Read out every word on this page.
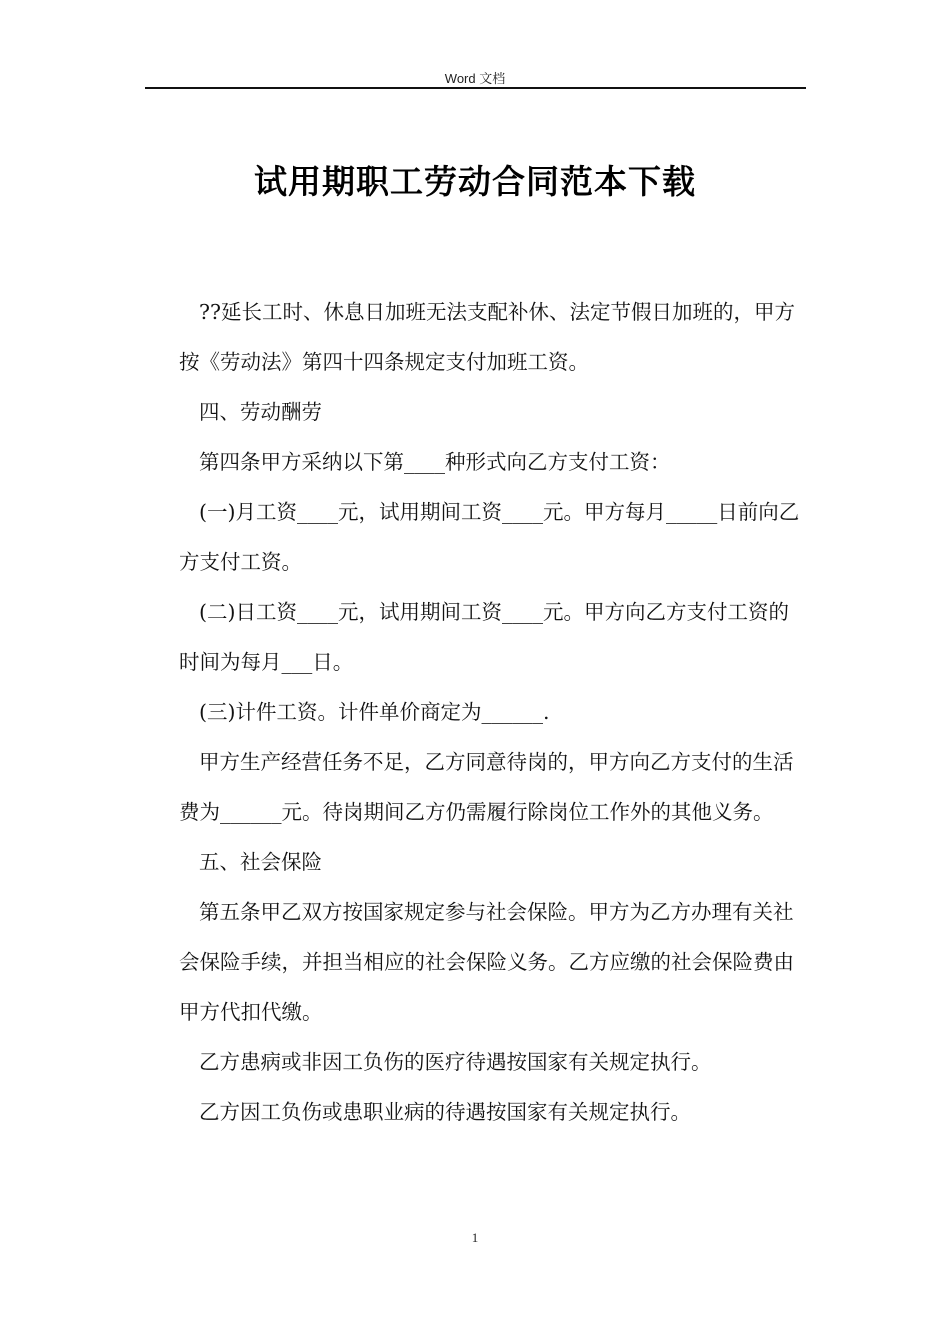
Word 文档
试用期职工劳动合同范本下载

??延长工时、休息日加班无法支配补休、法定节假日加班的，甲方按《劳动法》第四十四条规定支付加班工资。

四、劳动酬劳

第四条甲方采纳以下第____种形式向乙方支付工资：

(一)月工资____元，试用期间工资____元。甲方每月_____日前向乙方支付工资。

(二)日工资____元，试用期间工资____元。甲方向乙方支付工资的时间为每月___日。

(三)计件工资。计件单价商定为______.

甲方生产经营任务不足，乙方同意待岗的，甲方向乙方支付的生活费为______元。待岗期间乙方仍需履行除岗位工作外的其他义务。

五、社会保险

第五条甲乙双方按国家规定参与社会保险。甲方为乙方办理有关社会保险手续，并担当相应的社会保险义务。乙方应缴的社会保险费由甲方代扣代缴。

乙方患病或非因工负伤的医疗待遇按国家有关规定执行。

乙方因工负伤或患职业病的待遇按国家有关规定执行。

1
